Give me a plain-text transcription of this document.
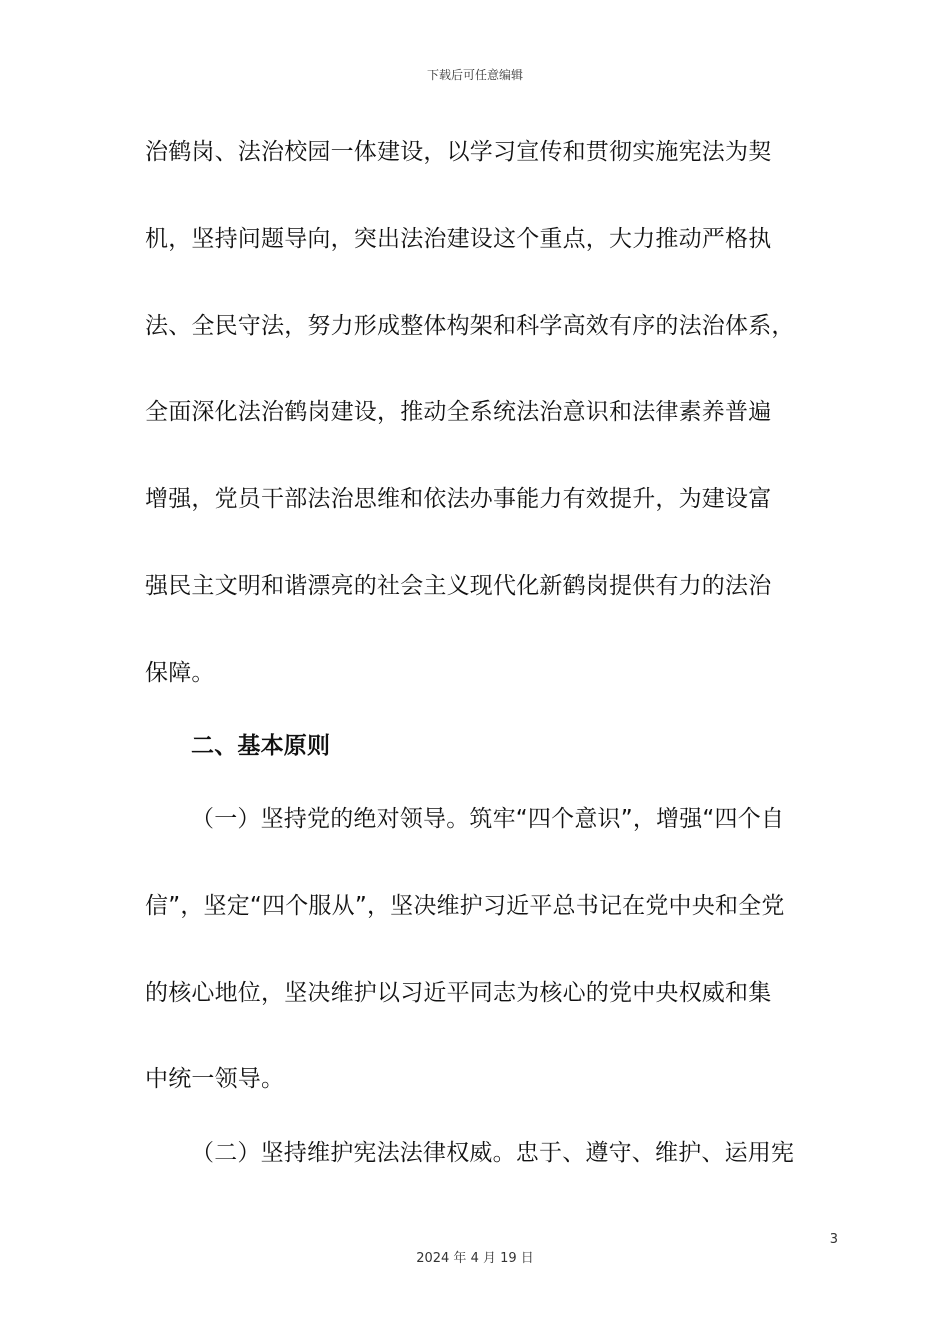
下载后可任意编辑
治鹤岗、法治校园一体建设，以学习宣传和贯彻实施宪法为契
机，坚持问题导向，突出法治建设这个重点，大力推动严格执
法、全民守法，努力形成整体构架和科学高效有序的法治体系，
全面深化法治鹤岗建设，推动全系统法治意识和法律素养普遍
增强，党员干部法治思维和依法办事能力有效提升，为建设富
强民主文明和谐漂亮的社会主义现代化新鹤岗提供有力的法治
保障。
二、基本原则
（一）坚持党的绝对领导。筑牢“四个意识”，增强“四个自
信”，坚定“四个服从”，坚决维护习近平总书记在党中央和全党
的核心地位，坚决维护以习近平同志为核心的党中央权威和集
中统一领导。
（二）坚持维护宪法法律权威。忠于、遵守、维护、运用宪
3
2024 年 4 月 19 日
